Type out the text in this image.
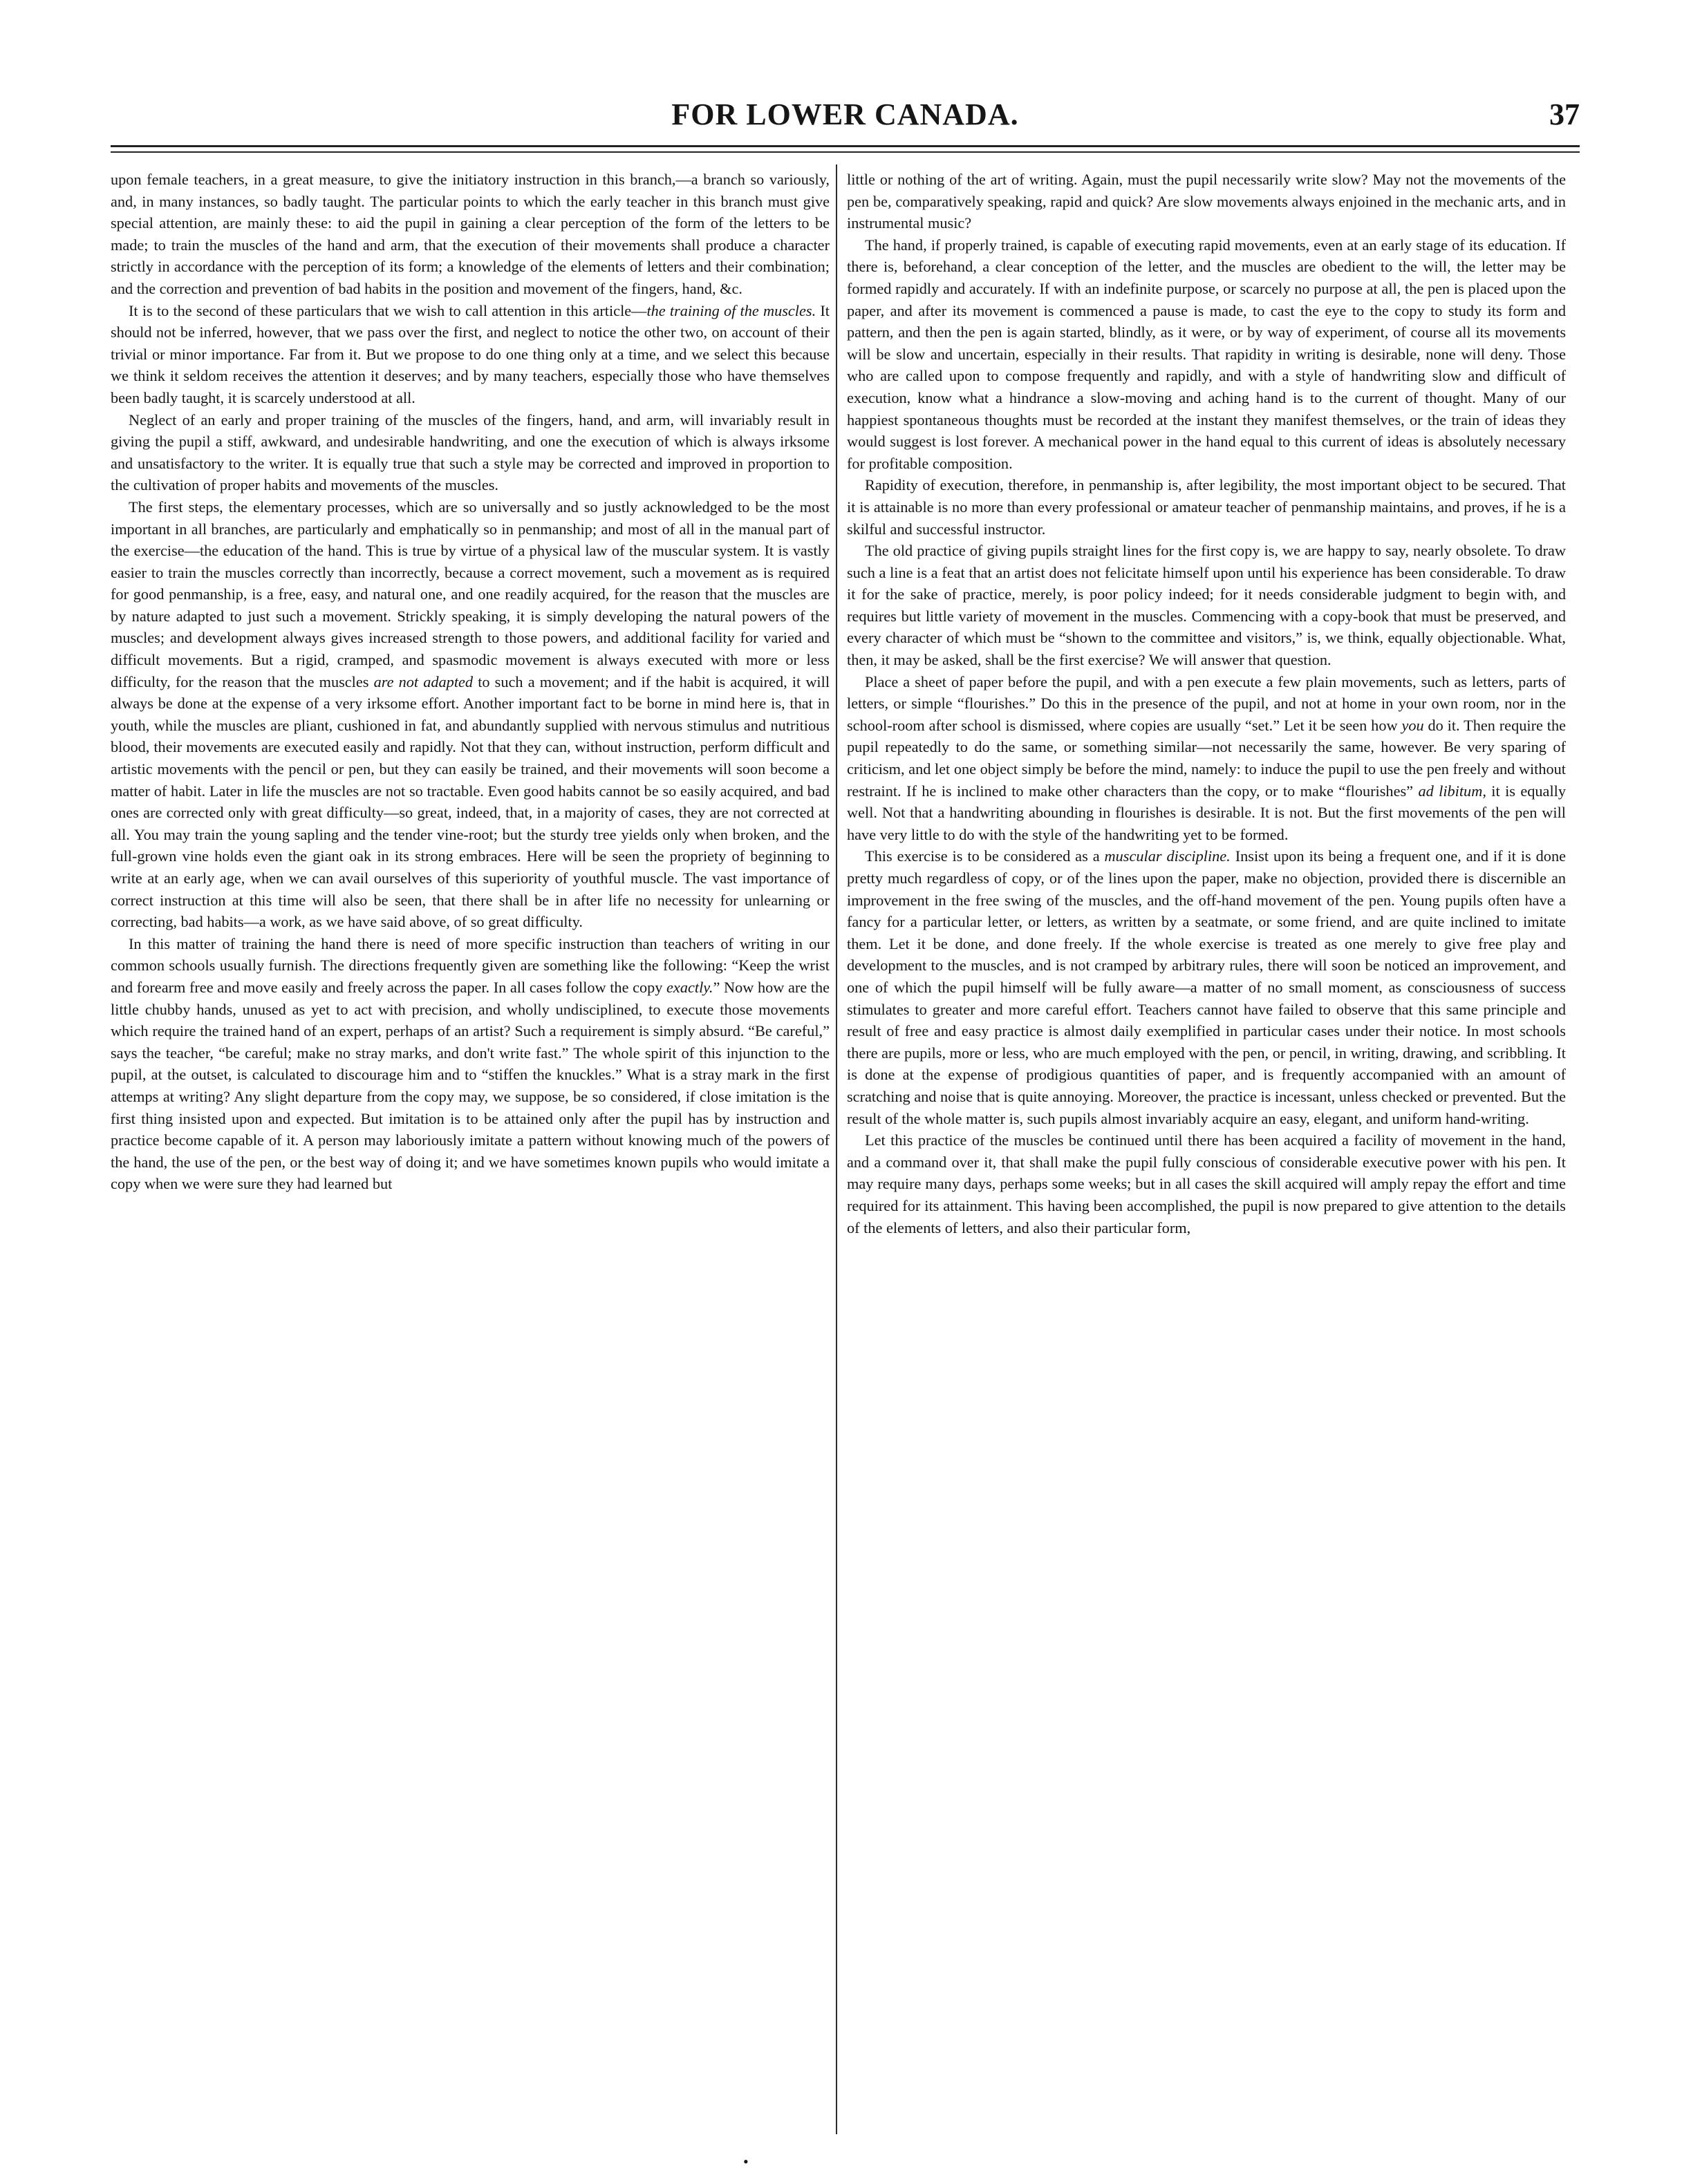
FOR LOWER CANADA.	37

upon female teachers, in a great measure, to give the initiatory instruction in this branch,—a branch so variously, and, in many instances, so badly taught. The particular points to which the early teacher in this branch must give special attention, are mainly these: to aid the pupil in gaining a clear perception of the form of the letters to be made; to train the muscles of the hand and arm, that the execution of their movements shall produce a character strictly in accordance with the perception of its form; a knowledge of the elements of letters and their combination; and the correction and prevention of bad habits in the position and movement of the fingers, hand, &c.

It is to the second of these particulars that we wish to call attention in this article—the training of the muscles. It should not be inferred, however, that we pass over the first, and neglect to notice the other two, on account of their trivial or minor importance. Far from it. But we propose to do one thing only at a time, and we select this because we think it seldom receives the attention it deserves; and by many teachers, especially those who have themselves been badly taught, it is scarcely understood at all.

Neglect of an early and proper training of the muscles of the fingers, hand, and arm, will invariably result in giving the pupil a stiff, awkward, and undesirable handwriting, and one the execution of which is always irksome and unsatisfactory to the writer. It is equally true that such a style may be corrected and improved in proportion to the cultivation of proper habits and movements of the muscles.

The first steps, the elementary processes, which are so universally and so justly acknowledged to be the most important in all branches, are particularly and emphatically so in penmanship; and most of all in the manual part of the exercise—the education of the hand. This is true by virtue of a physical law of the muscular system. It is vastly easier to train the muscles correctly than incorrectly, because a correct movement, such a movement as is required for good penmanship, is a free, easy, and natural one, and one readily acquired, for the reason that the muscles are by nature adapted to just such a movement. Strickly speaking, it is simply developing the natural powers of the muscles; and development always gives increased strength to those powers, and additional facility for varied and difficult movements. But a rigid, cramped, and spasmodic movement is always executed with more or less difficulty, for the reason that the muscles are not adapted to such a movement; and if the habit is acquired, it will always be done at the expense of a very irksome effort. Another important fact to be borne in mind here is, that in youth, while the muscles are pliant, cushioned in fat, and abundantly supplied with nervous stimulus and nutritious blood, their movements are executed easily and rapidly. Not that they can, without instruction, perform difficult and artistic movements with the pencil or pen, but they can easily be trained, and their movements will soon become a matter of habit. Later in life the muscles are not so tractable. Even good habits cannot be so easily acquired, and bad ones are corrected only with great difficulty—so great, indeed, that, in a majority of cases, they are not corrected at all. You may train the young sapling and the tender vine-root; but the sturdy tree yields only when broken, and the full-grown vine holds even the giant oak in its strong embraces. Here will be seen the propriety of beginning to write at an early age, when we can avail ourselves of this superiority of youthful muscle. The vast importance of correct instruction at this time will also be seen, that there shall be in after life no necessity for unlearning or correcting, bad habits—a work, as we have said above, of so great difficulty.

In this matter of training the hand there is need of more specific instruction than teachers of writing in our common schools usually furnish. The directions frequently given are something like the following: “Keep the wrist and forearm free and move easily and freely across the paper. In all cases follow the copy exactly.” Now how are the little chubby hands, unused as yet to act with precision, and wholly undisciplined, to execute those movements which require the trained hand of an expert, perhaps of an artist? Such a requirement is simply absurd. “Be careful,” says the teacher, “be careful; make no stray marks, and don't write fast.” The whole spirit of this injunction to the pupil, at the outset, is calculated to discourage him and to “stiffen the knuckles.” What is a stray mark in the first attemps at writing? Any slight departure from the copy may, we suppose, be so considered, if close imitation is the first thing insisted upon and expected. But imitation is to be attained only after the pupil has by instruction and practice become capable of it. A person may laboriously imitate a pattern without knowing much of the powers of the hand, the use of the pen, or the best way of doing it; and we have sometimes known pupils who would imitate a copy when we were sure they had learned but

little or nothing of the art of writing. Again, must the pupil necessarily write slow? May not the movements of the pen be, comparatively speaking, rapid and quick? Are slow movements always enjoined in the mechanic arts, and in instrumental music?

The hand, if properly trained, is capable of executing rapid movements, even at an early stage of its education. If there is, beforehand, a clear conception of the letter, and the muscles are obedient to the will, the letter may be formed rapidly and accurately. If with an indefinite purpose, or scarcely no purpose at all, the pen is placed upon the paper, and after its movement is commenced a pause is made, to cast the eye to the copy to study its form and pattern, and then the pen is again started, blindly, as it were, or by way of experiment, of course all its movements will be slow and uncertain, especially in their results. That rapidity in writing is desirable, none will deny. Those who are called upon to compose frequently and rapidly, and with a style of handwriting slow and difficult of execution, know what a hindrance a slow-moving and aching hand is to the current of thought. Many of our happiest spontaneous thoughts must be recorded at the instant they manifest themselves, or the train of ideas they would suggest is lost forever. A mechanical power in the hand equal to this current of ideas is absolutely necessary for profitable composition.

Rapidity of execution, therefore, in penmanship is, after legibility, the most important object to be secured. That it is attainable is no more than every professional or amateur teacher of penmanship maintains, and proves, if he is a skilful and successful instructor.

The old practice of giving pupils straight lines for the first copy is, we are happy to say, nearly obsolete. To draw such a line is a feat that an artist does not felicitate himself upon until his experience has been considerable. To draw it for the sake of practice, merely, is poor policy indeed; for it needs considerable judgment to begin with, and requires but little variety of movement in the muscles. Commencing with a copy-book that must be preserved, and every character of which must be “shown to the committee and visitors,” is, we think, equally objectionable. What, then, it may be asked, shall be the first exercise? We will answer that question.

Place a sheet of paper before the pupil, and with a pen execute a few plain movements, such as letters, parts of letters, or simple “flourishes.” Do this in the presence of the pupil, and not at home in your own room, nor in the school-room after school is dismissed, where copies are usually “set.” Let it be seen how you do it. Then require the pupil repeatedly to do the same, or something similar—not necessarily the same, however. Be very sparing of criticism, and let one object simply be before the mind, namely: to induce the pupil to use the pen freely and without restraint. If he is inclined to make other characters than the copy, or to make “flourishes” ad libitum, it is equally well. Not that a handwriting abounding in flourishes is desirable. It is not. But the first movements of the pen will have very little to do with the style of the handwriting yet to be formed.

This exercise is to be considered as a muscular discipline. Insist upon its being a frequent one, and if it is done pretty much regardless of copy, or of the lines upon the paper, make no objection, provided there is discernible an improvement in the free swing of the muscles, and the off-hand movement of the pen. Young pupils often have a fancy for a particular letter, or letters, as written by a seatmate, or some friend, and are quite inclined to imitate them. Let it be done, and done freely. If the whole exercise is treated as one merely to give free play and development to the muscles, and is not cramped by arbitrary rules, there will soon be noticed an improvement, and one of which the pupil himself will be fully aware—a matter of no small moment, as consciousness of success stimulates to greater and more careful effort. Teachers cannot have failed to observe that this same principle and result of free and easy practice is almost daily exemplified in particular cases under their notice. In most schools there are pupils, more or less, who are much employed with the pen, or pencil, in writing, drawing, and scribbling. It is done at the expense of prodigious quantities of paper, and is frequently accompanied with an amount of scratching and noise that is quite annoying. Moreover, the practice is incessant, unless checked or prevented. But the result of the whole matter is, such pupils almost invariably acquire an easy, elegant, and uniform hand-writing.

Let this practice of the muscles be continued until there has been acquired a facility of movement in the hand, and a command over it, that shall make the pupil fully conscious of considerable executive power with his pen. It may require many days, perhaps some weeks; but in all cases the skill acquired will amply repay the effort and time required for its attainment. This having been accomplished, the pupil is now prepared to give attention to the details of the elements of letters, and also their particular form,

•
